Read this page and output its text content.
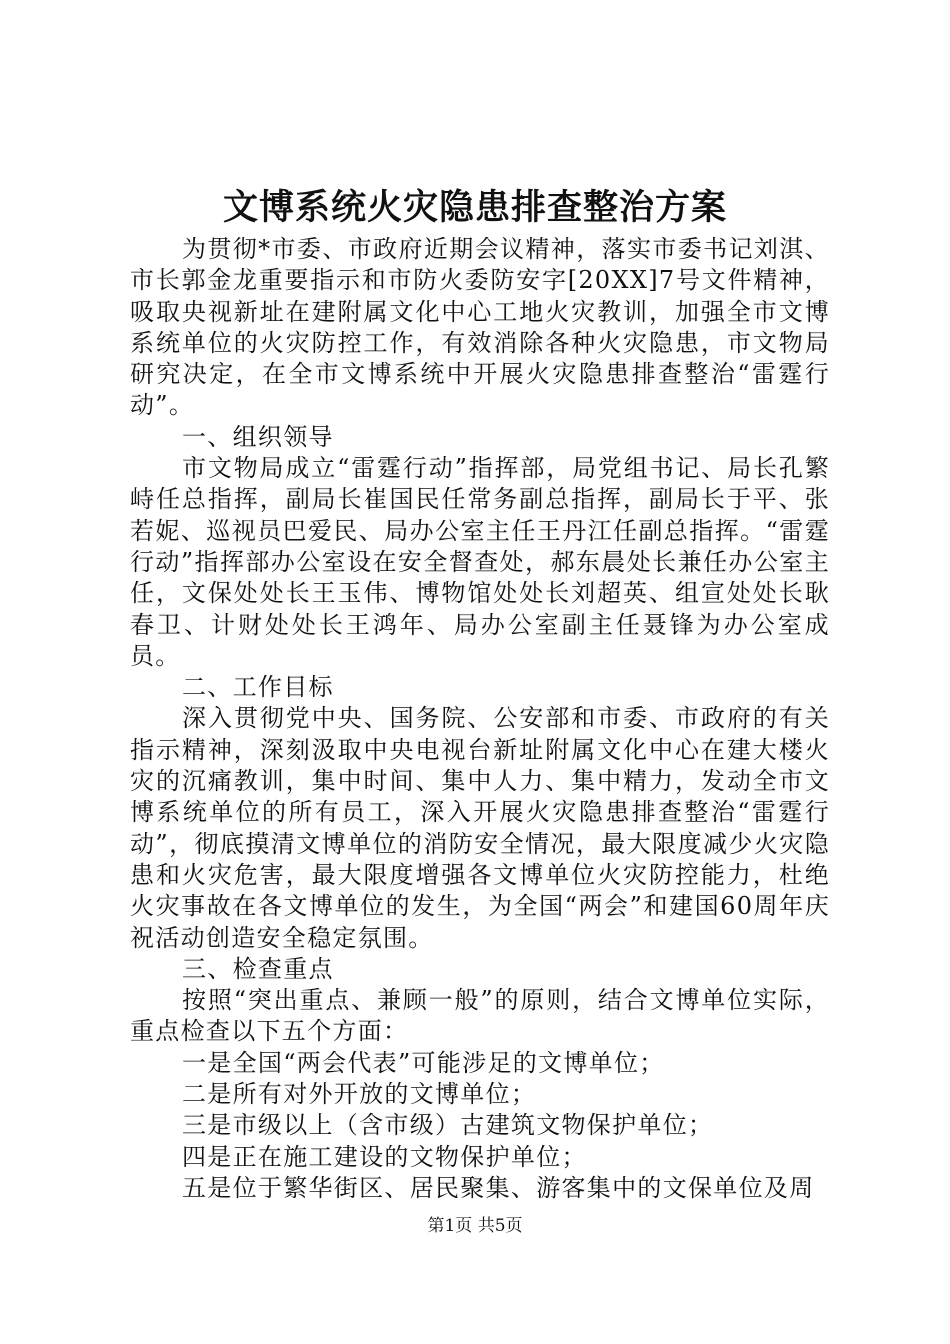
文博系统火灾隐患排查整治方案

为贯彻*市委、市政府近期会议精神，落实市委书记刘淇、市长郭金龙重要指示和市防火委防安字[20XX]7号文件精神，吸取央视新址在建附属文化中心工地火灾教训，加强全市文博系统单位的火灾防控工作，有效消除各种火灾隐患，市文物局研究决定，在全市文博系统中开展火灾隐患排查整治“雷霆行动”。

一、组织领导

市文物局成立“雷霆行动”指挥部，局党组书记、局长孔繁峙任总指挥，副局长崔国民任常务副总指挥，副局长于平、张若妮、巡视员巴爱民、局办公室主任王丹江任副总指挥。“雷霆行动”指挥部办公室设在安全督查处，郝东晨处长兼任办公室主任，文保处处长王玉伟、博物馆处处长刘超英、组宣处处长耿春卫、计财处处长王鸿年、局办公室副主任聂锋为办公室成员。

二、工作目标

深入贯彻党中央、国务院、公安部和市委、市政府的有关指示精神，深刻汲取中央电视台新址附属文化中心在建大楼火灾的沉痛教训，集中时间、集中人力、集中精力，发动全市文博系统单位的所有员工，深入开展火灾隐患排查整治“雷霆行动”，彻底摸清文博单位的消防安全情况，最大限度减少火灾隐患和火灾危害，最大限度增强各文博单位火灾防控能力，杜绝火灾事故在各文博单位的发生，为全国“两会”和建国60周年庆祝活动创造安全稳定氛围。

三、检查重点

按照“突出重点、兼顾一般”的原则，结合文博单位实际，重点检查以下五个方面：

一是全国“两会代表”可能涉足的文博单位；

二是所有对外开放的文博单位；

三是市级以上（含市级）古建筑文物保护单位；

四是正在施工建设的文物保护单位；

五是位于繁华街区、居民聚集、游客集中的文保单位及周

第1页 共5页
